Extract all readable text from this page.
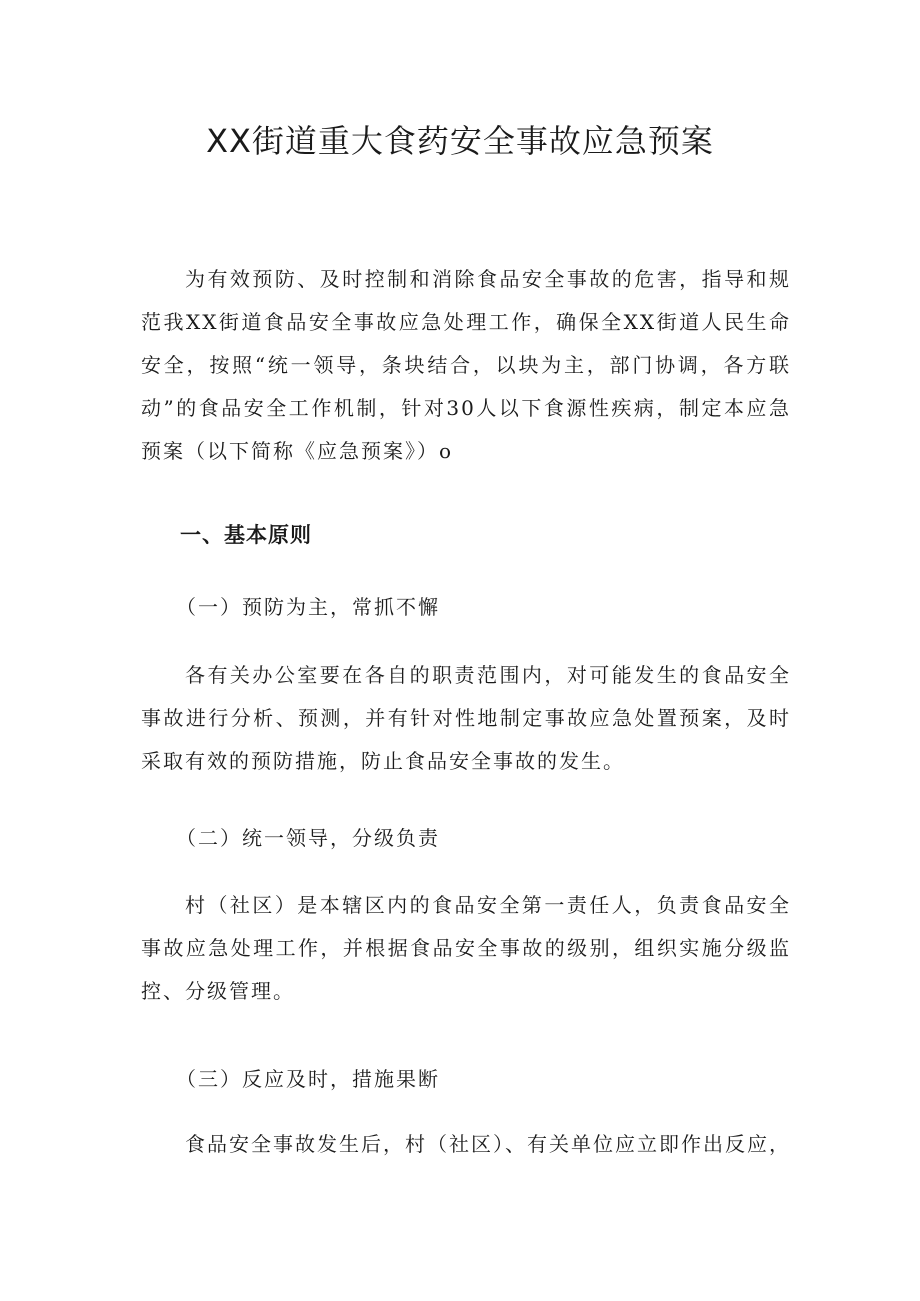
XX街道重大食药安全事故应急预案

为有效预防、及时控制和消除食品安全事故的危害，指导和规范我XX街道食品安全事故应急处理工作，确保全XX街道人民生命安全，按照“统一领导，条块结合，以块为主，部门协调，各方联动”的食品安全工作机制，针对30人以下食源性疾病，制定本应急预案（以下简称《应急预案》）o

一、基本原则

（一）预防为主，常抓不懈

各有关办公室要在各自的职责范围内，对可能发生的食品安全事故进行分析、预测，并有针对性地制定事故应急处置预案，及时采取有效的预防措施，防止食品安全事故的发生。

（二）统一领导，分级负责

村（社区）是本辖区内的食品安全第一责任人，负责食品安全事故应急处理工作，并根据食品安全事故的级别，组织实施分级监控、分级管理。

（三）反应及时，措施果断

食品安全事故发生后，村（社区）、有关单位应立即作出反应，
